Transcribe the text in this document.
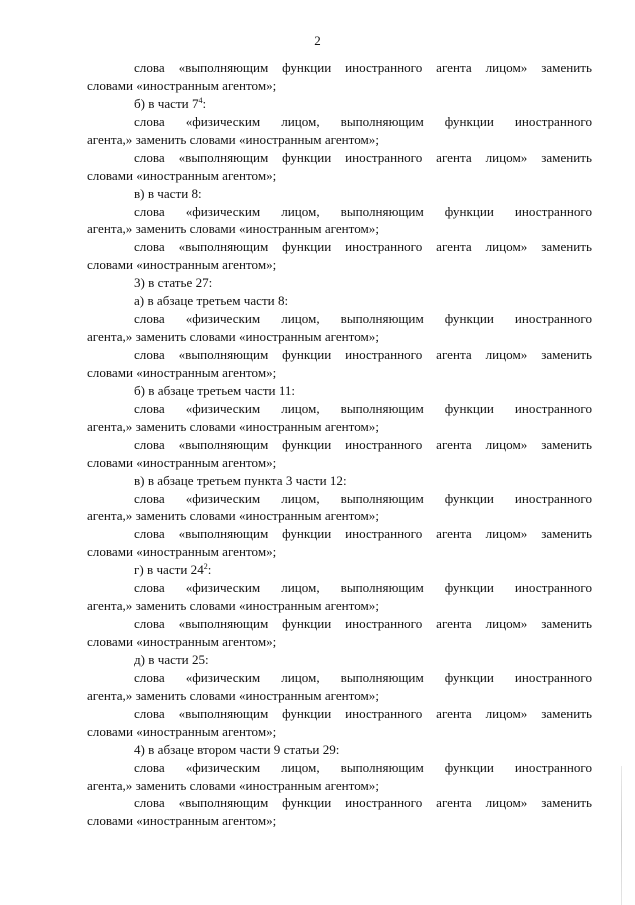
2
слова «выполняющим функции иностранного агента лицом» заменить
словами «иностранным агентом»;
б) в части $7^4$:
слова «физическим лицом, выполняющим функции иностранного
агента,» заменить словами «иностранным агентом»;
слова «выполняющим функции иностранного агента лицом» заменить
словами «иностранным агентом»;
в) в части 8:
слова «физическим лицом, выполняющим функции иностранного
агента,» заменить словами «иностранным агентом»;
слова «выполняющим функции иностранного агента лицом» заменить
словами «иностранным агентом»;
3) в статье 27:
а) в абзаце третьем части 8:
слова «физическим лицом, выполняющим функции иностранного
агента,» заменить словами «иностранным агентом»;
слова «выполняющим функции иностранного агента лицом» заменить
словами «иностранным агентом»;
б) в абзаце третьем части 11:
слова «физическим лицом, выполняющим функции иностранного
агента,» заменить словами «иностранным агентом»;
слова «выполняющим функции иностранного агента лицом» заменить
словами «иностранным агентом»;
в) в абзаце третьем пункта 3 части 12:
слова «физическим лицом, выполняющим функции иностранного
агента,» заменить словами «иностранным агентом»;
слова «выполняющим функции иностранного агента лицом» заменить
словами «иностранным агентом»;
г) в части $24^2$:
слова «физическим лицом, выполняющим функции иностранного
агента,» заменить словами «иностранным агентом»;
слова «выполняющим функции иностранного агента лицом» заменить
словами «иностранным агентом»;
д) в части 25:
слова «физическим лицом, выполняющим функции иностранного
агента,» заменить словами «иностранным агентом»;
слова «выполняющим функции иностранного агента лицом» заменить
словами «иностранным агентом»;
4) в абзаце втором части 9 статьи 29:
слова «физическим лицом, выполняющим функции иностранного
агента,» заменить словами «иностранным агентом»;
слова «выполняющим функции иностранного агента лицом» заменить
словами «иностранным агентом»;
